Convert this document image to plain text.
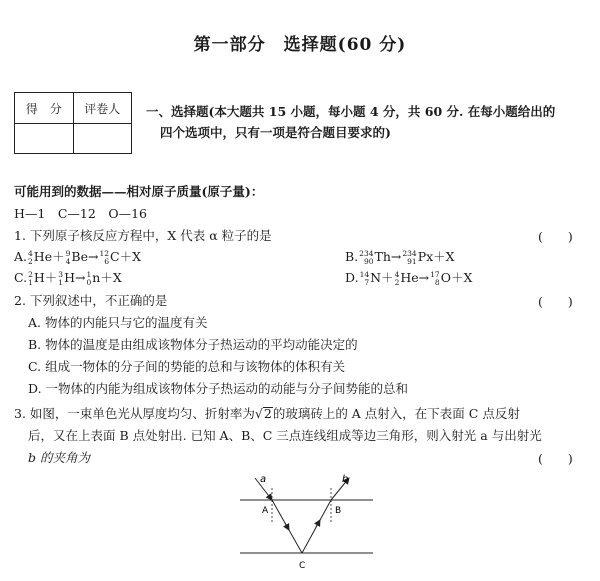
第一部分　选择题(60 分)
得　分	评卷人	一、选择题(本大题共 15 小题，每小题 4 分，共 60 分. 在每小题给出的
四个选项中，只有一项是符合题目要求的)
可能用到的数据——相对原子质量(原子量)：
H—1　C—12　O—16
1. 下列原子核反应方程中，X 代表 α 粒子的是	(　　)
A. 4
2 He＋ 9
4 Be→ 12
6 C＋X	B. 234
90 Th→ 234
91 Px＋X
C. 2
1 H＋ 3
1 H→ 1
0 n＋X	D. 14
7 N＋ 4
2 He→ 17
8 O＋X
2. 下列叙述中，不正确的是	(　　)
A. 物体的内能只与它的温度有关
B. 物体的温度是由组成该物体分子热运动的平均动能决定的
C. 组成一物体的分子间的势能的总和与该物体的体积有关
D. 一物体的内能为组成该物体分子热运动的动能与分子间势能的总和
3. 如图，一束单色光从厚度均匀、折射率为√2的玻璃砖上的 A 点射入，在下表面 C 点反射
后，又在上表面 B 点处射出. 已知 A、B、C 三点连线组成等边三角形，则入射光 a 与出射光
b 的夹角为	(　　)
a	b
A	B
C
